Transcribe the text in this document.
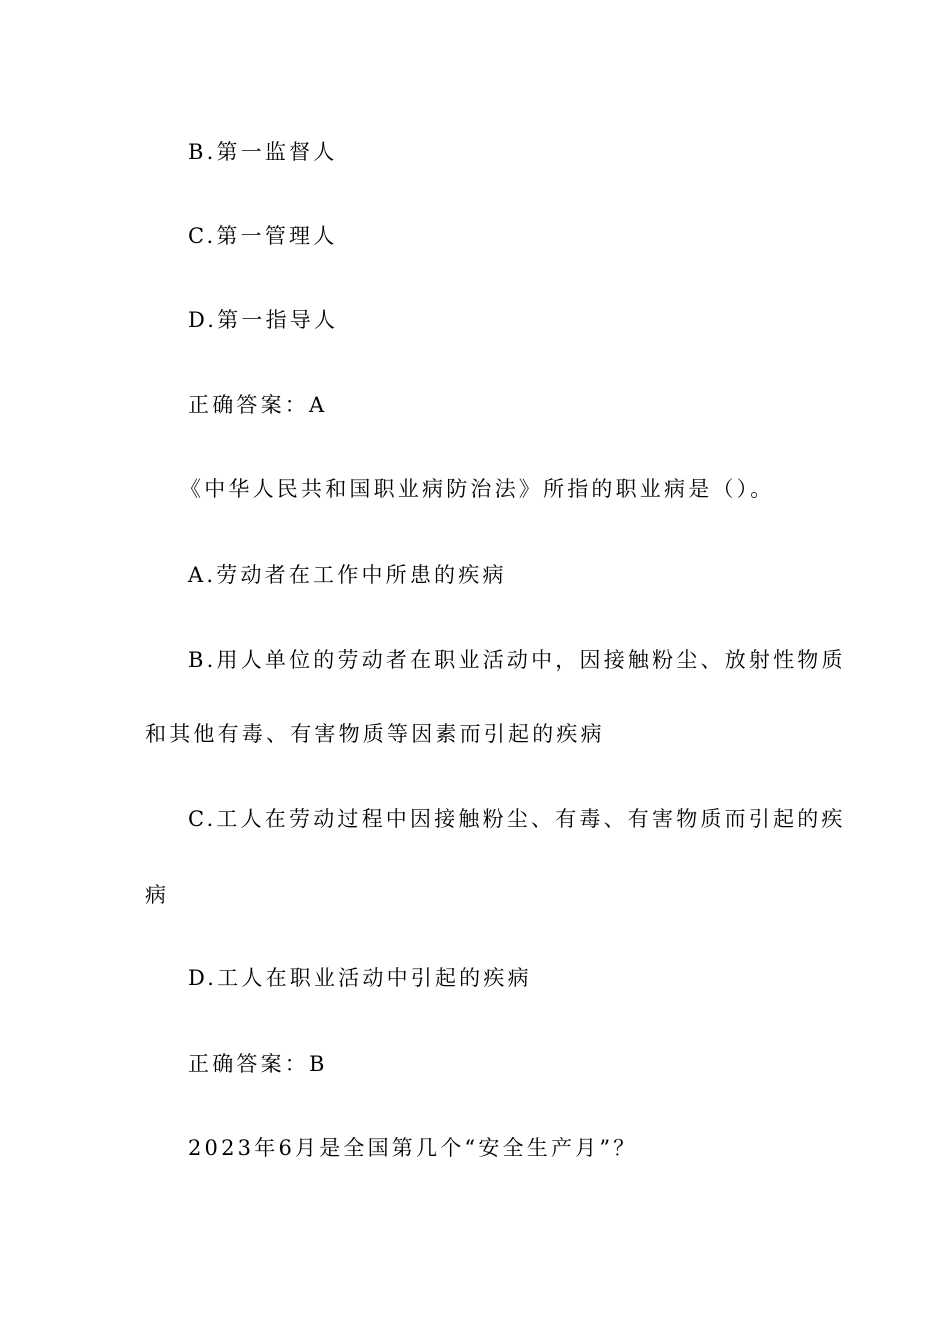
B.第一监督人
C.第一管理人
D.第一指导人
正确答案：A
《中华人民共和国职业病防治法》所指的职业病是（）。
A.劳动者在工作中所患的疾病
B.用人单位的劳动者在职业活动中，因接触粉尘、放射性物质
和其他有毒、有害物质等因素而引起的疾病
C.工人在劳动过程中因接触粉尘、有毒、有害物质而引起的疾
病
D.工人在职业活动中引起的疾病
正确答案：B
2023年6月是全国第几个“安全生产月”？
